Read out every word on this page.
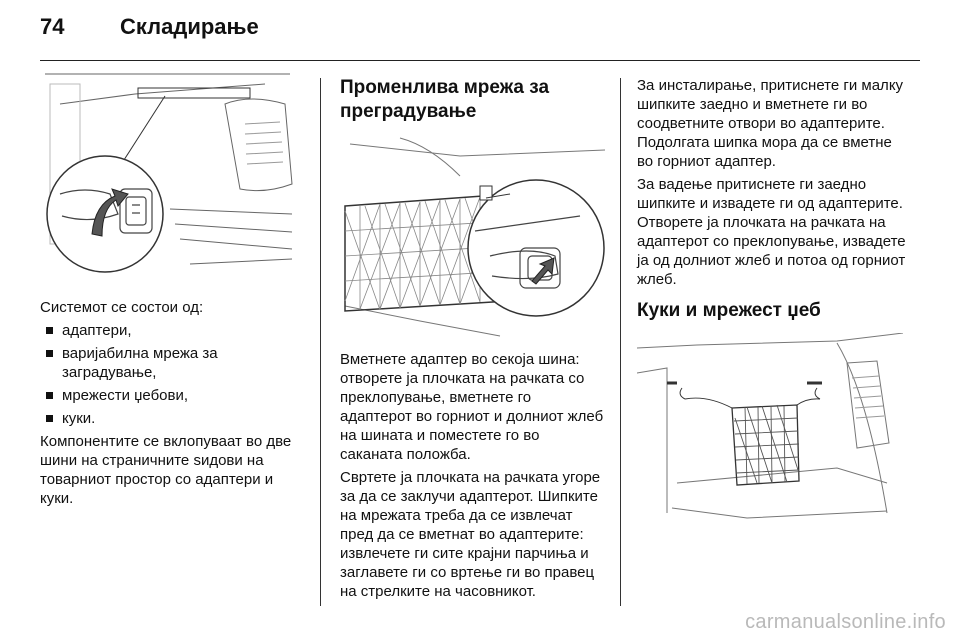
74	Складирање

Системот се состои од:

адаптери,
варијабилна мрежа за заградување,
мрежести џебови,
куки.

Компонентите се вклопуваат во две шини на страничните ѕидови на товарниот простор со адаптери и куки.

Променлива мрежа за преградување

Вметнете адаптер во секоја шина: отворете ја плочката на рачката со преклопување, вметнете го адаптерот во горниот и долниот жлеб на шината и поместете го во саканата положба.

Свртете ја плочката на рачката угоре за да се заклучи адаптерот. Шипките на мрежата треба да се извлечат пред да се вметнат во адаптерите: извлечете ги сите крајни парчиња и заглавете ги со вртење ги во правец на стрелките на часовникот.

За инсталирање, притиснете ги малку шипките заедно и вметнете ги во соодветните отвори во адаптерите. Подолгата шипка мора да се вметне во горниот адаптер.

За вадење притиснете ги заедно шипките и извадете ги од адаптерите. Отворете ја плочката на рачката на адаптерот со преклопување, извадете ја од долниот жлеб и потоа од горниот жлеб.

Куки и мрежест џеб
carmanualsonline.info
